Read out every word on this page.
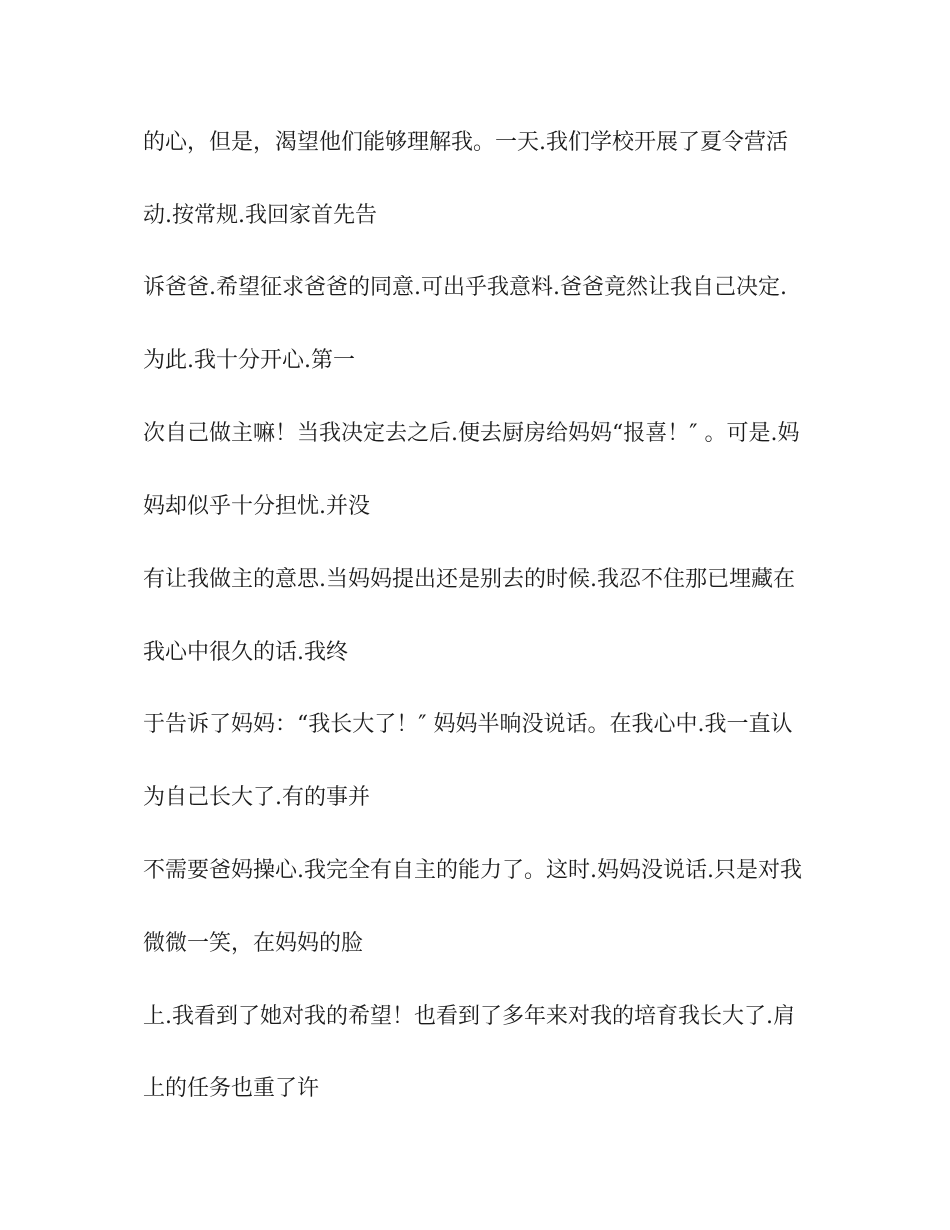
的心，但是，渴望他们能够理解我。一天.我们学校开展了夏令营活

动.按常规.我回家首先告

诉爸爸.希望征求爸爸的同意.可出乎我意料.爸爸竟然让我自己决定.

为此.我十分开心.第一

次自己做主嘛！当我决定去之后.便去厨房给妈妈“报喜！″ 。可是.妈

妈却似乎十分担忧.并没

有让我做主的意思.当妈妈提出还是别去的时候.我忍不住那已埋藏在

我心中很久的话.我终

于告诉了妈妈：“我长大了！″ 妈妈半晌没说话。在我心中.我一直认

为自己长大了.有的事并

不需要爸妈操心.我完全有自主的能力了。这时.妈妈没说话.只是对我

微微一笑，在妈妈的脸

上.我看到了她对我的希望！也看到了多年来对我的培育我长大了.肩

上的任务也重了许
